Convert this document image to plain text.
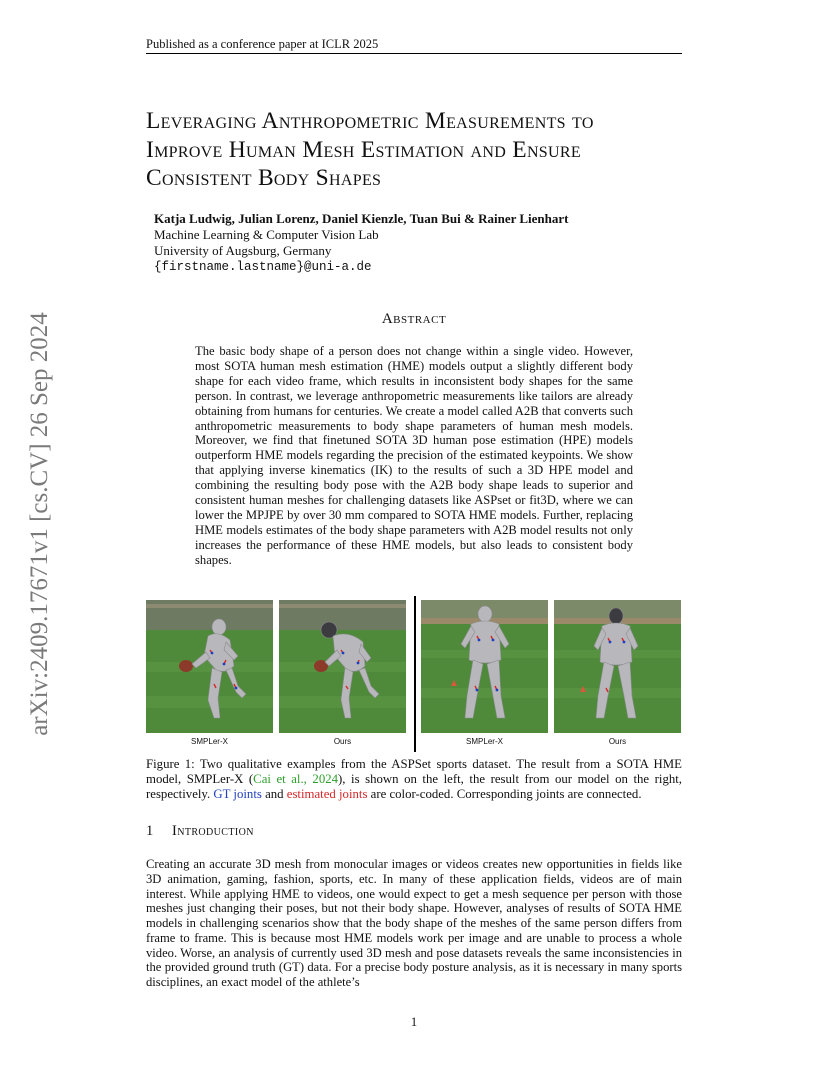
Published as a conference paper at ICLR 2025
arXiv:2409.17671v1 [cs.CV] 26 Sep 2024
Leveraging Anthropometric Measurements to
Improve Human Mesh Estimation and Ensure
Consistent Body Shapes
Katja Ludwig, Julian Lorenz, Daniel Kienzle, Tuan Bui & Rainer Lienhart
Machine Learning & Computer Vision Lab
University of Augsburg, Germany
{firstname.lastname}@uni-a.de
Abstract
The basic body shape of a person does not change within a single video. However, most SOTA human mesh estimation (HME) models output a slightly different body shape for each video frame, which results in inconsistent body shapes for the same person. In contrast, we leverage anthropometric measurements like tailors are already obtaining from humans for centuries. We create a model called A2B that converts such anthropometric measurements to body shape parameters of human mesh models. Moreover, we find that finetuned SOTA 3D human pose estimation (HPE) models outperform HME models regarding the precision of the estimated keypoints. We show that applying inverse kinematics (IK) to the results of such a 3D HPE model and combining the resulting body pose with the A2B body shape leads to superior and consistent human meshes for challenging datasets like ASPset or fit3D, where we can lower the MPJPE by over 30 mm compared to SOTA HME models. Further, replacing HME models estimates of the body shape parameters with A2B model results not only increases the performance of these HME models, but also leads to consistent body shapes.
SMPLer-X	Ours	SMPLer-X	Ours
Figure 1: Two qualitative examples from the ASPSet sports dataset. The result from a SOTA HME model, SMPLer-X (Cai et al., 2024), is shown on the left, the result from our model on the right, respectively. GT joints and estimated joints are color-coded. Corresponding joints are connected.
1 Introduction
Creating an accurate 3D mesh from monocular images or videos creates new opportunities in fields like 3D animation, gaming, fashion, sports, etc. In many of these application fields, videos are of main interest. While applying HME to videos, one would expect to get a mesh sequence per person with those meshes just changing their poses, but not their body shape. However, analyses of results of SOTA HME models in challenging scenarios show that the body shape of the meshes of the same person differs from frame to frame. This is because most HME models work per image and are unable to process a whole video. Worse, an analysis of currently used 3D mesh and pose datasets reveals the same inconsistencies in the provided ground truth (GT) data. For a precise body posture analysis, as it is necessary in many sports disciplines, an exact model of the athlete’s
1
